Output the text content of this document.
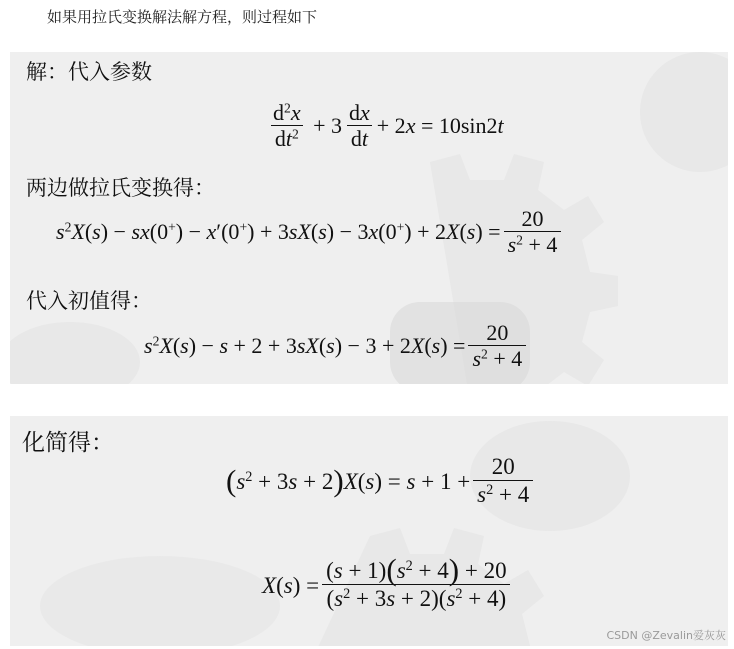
如果用拉氏变换解法解方程，则过程如下
解：代入参数
$\frac{d^2x}{dt^2} + 3 \frac{dx}{dt} + 2x = 10\sin 2t$
两边做拉氏变换得：
$s^2X(s) - sx(0^+) - x'(0^+) + 3sX(s) - 3x(0^+) + 2X(s) = \frac{20}{s^2 + 4}$
代入初值得：
$s^2X(s) - s + 2 + 3sX(s) - 3 + 2X(s) = \frac{20}{s^2 + 4}$
化简得：
$(s^2 + 3s + 2)X(s) = s + 1 + \frac{20}{s^2 + 4}$
$X(s) = \frac{(s + 1)(s^2 + 4) + 20}{(s^2 + 3s + 2)(s^2 + 4)}$
CSDN @Zevalin爱灰灰
